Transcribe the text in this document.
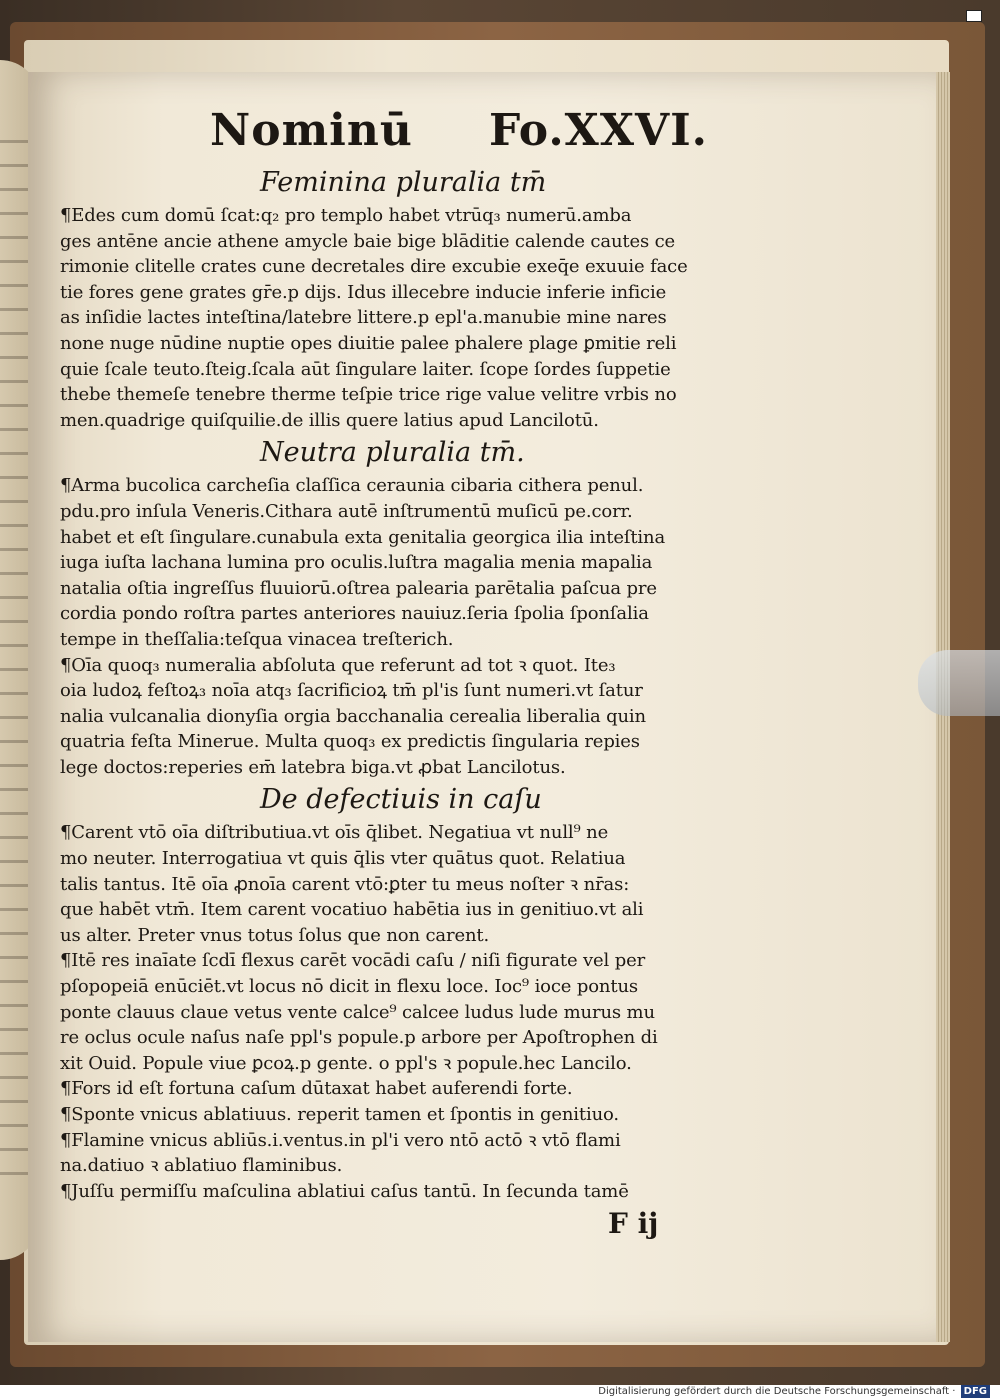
Nominū Fo.XXVI.
Feminina pluralia tm̄
¶Edes cum domū ſcat:q₂ pro templo habet vtrūq₃ numerū.amba
ges antēne ancie athene amycle baie bige blāditie calende cautes ce
rimonie clitelle crates cune decretales dire excubie exeq̄e exuuie face
tie fores gene grates gr̄e.p dijs. Idus illecebre inducie inferie inficie
as inſidie lactes inteſtina/latebre littere.p epl'a.manubie mine nares
none nuge nūdine nuptie opes diuitie palee phalere plage ꝑmitie reli
quie ſcale teuto.ſteig.ſcala aūt ſingulare laiter. ſcope ſordes ſuppetie
thebe themeſe tenebre therme teſpie trice rige value velitre vrbis no
men.quadrige quiſquilie.de illis quere latius apud Lancilotū.
Neutra pluralia tm̄.
¶Arma bucolica carcheſia claſſica ceraunia cibaria cithera penul.
pdu.pro inſula Veneris.Cithara autē inſtrumentū muſicū pe.corr.
habet et eſt ſingulare.cunabula exta genitalia georgica ilia inteſtina
iuga iuſta lachana lumina pro oculis.luſtra magalia menia mapalia
natalia oſtia ingreſſus fluuiorū.oſtrea palearia parētalia paſcua pre
cordia pondo roſtra partes anteriores nauiuz.ſeria ſpolia ſponſalia
tempe in theſſalia:teſqua vinacea treſterich.
¶Oīa quoq₃ numeralia abſoluta que referunt ad tot ꝛ quot. Ite₃
oia ludoꝝ feſtoꝝ₃ noīa atq₃ ſacrificioꝝ tm̄ pl'is ſunt numeri.vt ſatur
nalia vulcanalia dionyſia orgia bacchanalia cerealia liberalia quin
quatria feſta Minerue. Multa quoq₃ ex predictis ſingularia repies
lege doctos:reperies em̄ latebra biga.vt ꝓbat Lancilotus.
De defectiuis in caſu
¶Carent vtō oīa diſtributiua.vt oīs q̄libet. Negatiua vt null⁹ ne
mo neuter. Interrogatiua vt quis q̄lis vter quātus quot. Relatiua
talis tantus. Itē oīa ꝓnoīa carent vtō:ꝑter tu meus noſter ꝛ nr̄as:
que habēt vtm̄. Item carent vocatiuo habētia ius in genitiuo.vt ali
us alter. Preter vnus totus ſolus que non carent.
¶Itē res inaīate ſcdī flexus carēt vocādi caſu / niſi figurate vel per
pſopopeiā enūciēt.vt locus nō dicit in flexu loce. Ioc⁹ ioce pontus
ponte clauus claue vetus vente calce⁹ calcee ludus lude murus mu
re oclus ocule naſus naſe ppl's popule.p arbore per Apoſtrophen di
xit Ouid. Popule viue ꝑcoꝝ.p gente. o ppl's ꝛ popule.hec Lancilo.
¶Fors id eſt fortuna caſum dūtaxat habet auferendi forte.
¶Sponte vnicus ablatiuus. reperit tamen et ſpontis in genitiuo.
¶Flamine vnicus abliūs.i.ventus.in pl'i vero ntō actō ꝛ vtō flami
na.datiuo ꝛ ablatiuo flaminibus.
¶Juſſu permiſſu maſculina ablatiui caſus tantū. In ſecunda tamē
F ij
Digitalisierung gefördert durch die Deutsche Forschungsgemeinschaft · DFG
